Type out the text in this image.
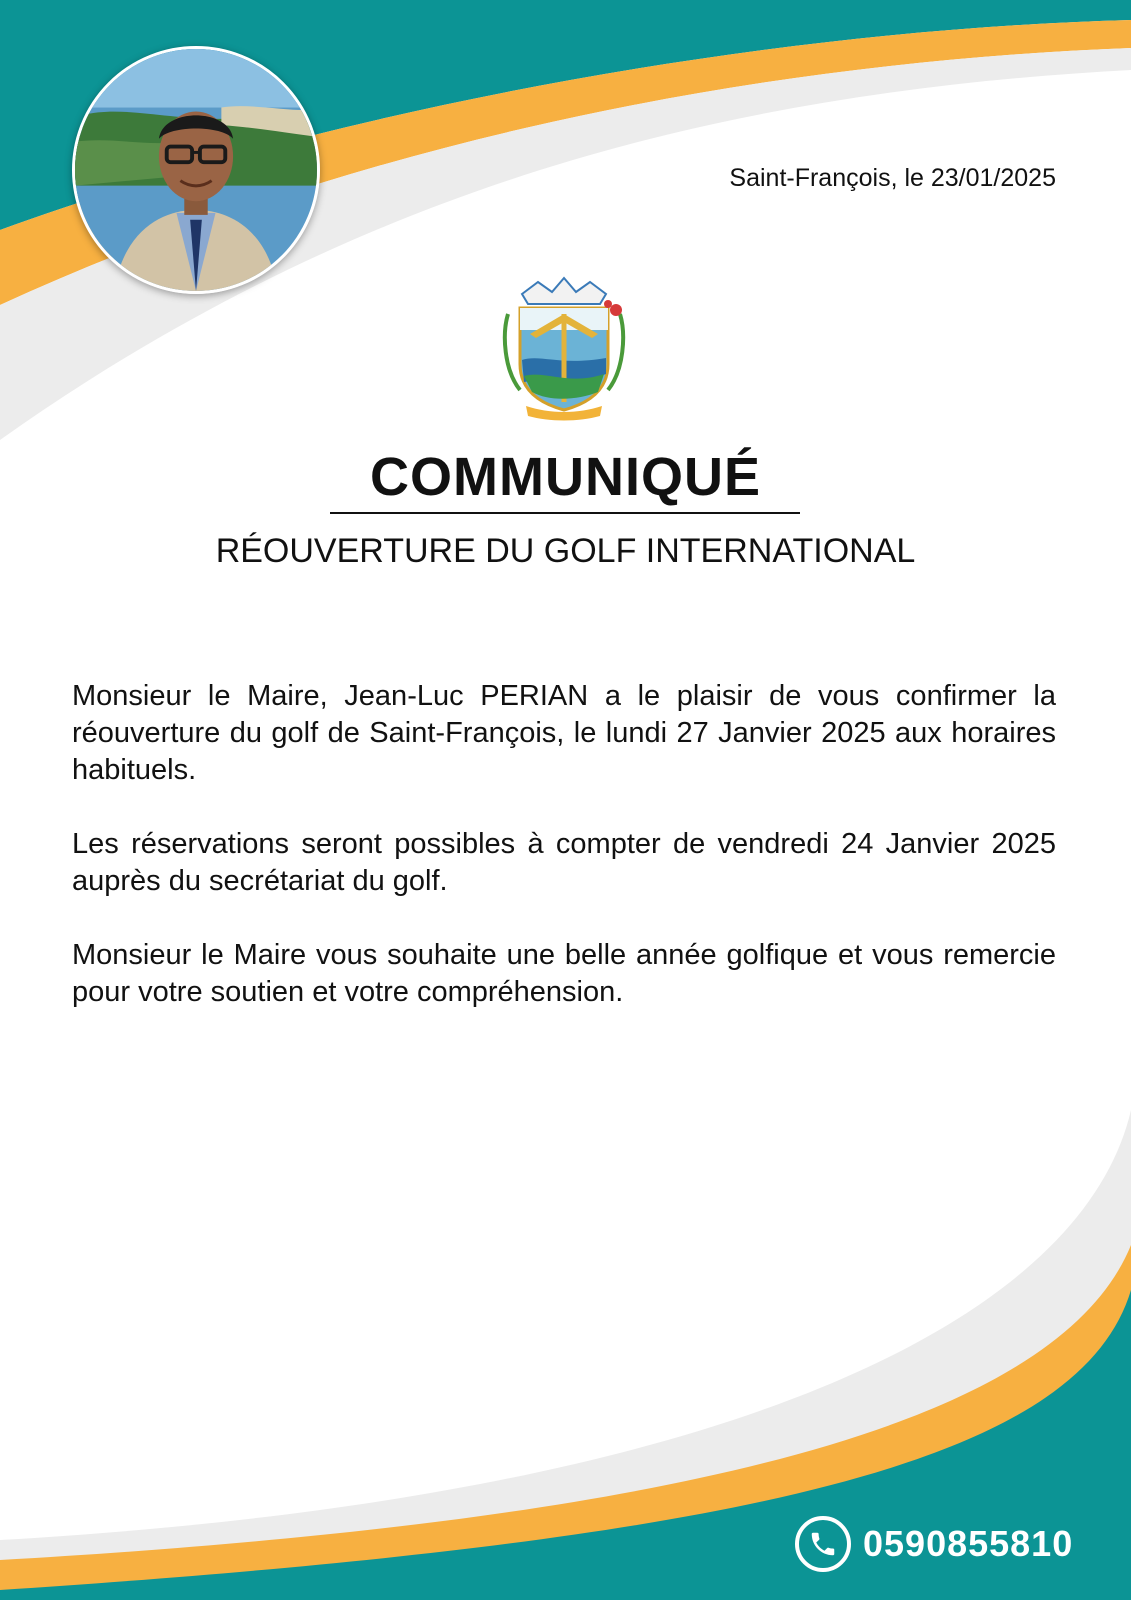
Saint-François, le 23/01/2025
COMMUNIQUÉ
RÉOUVERTURE DU GOLF INTERNATIONAL

Monsieur le Maire, Jean-Luc PERIAN a le plaisir de vous confirmer la réouverture du golf de Saint-François, le lundi 27 Janvier 2025 aux horaires habituels.

Les réservations seront possibles à compter de vendredi 24 Janvier 2025 auprès du secrétariat du golf.

Monsieur le Maire vous souhaite une belle année golfique et vous remercie pour votre soutien et votre compréhension.

0590855810
